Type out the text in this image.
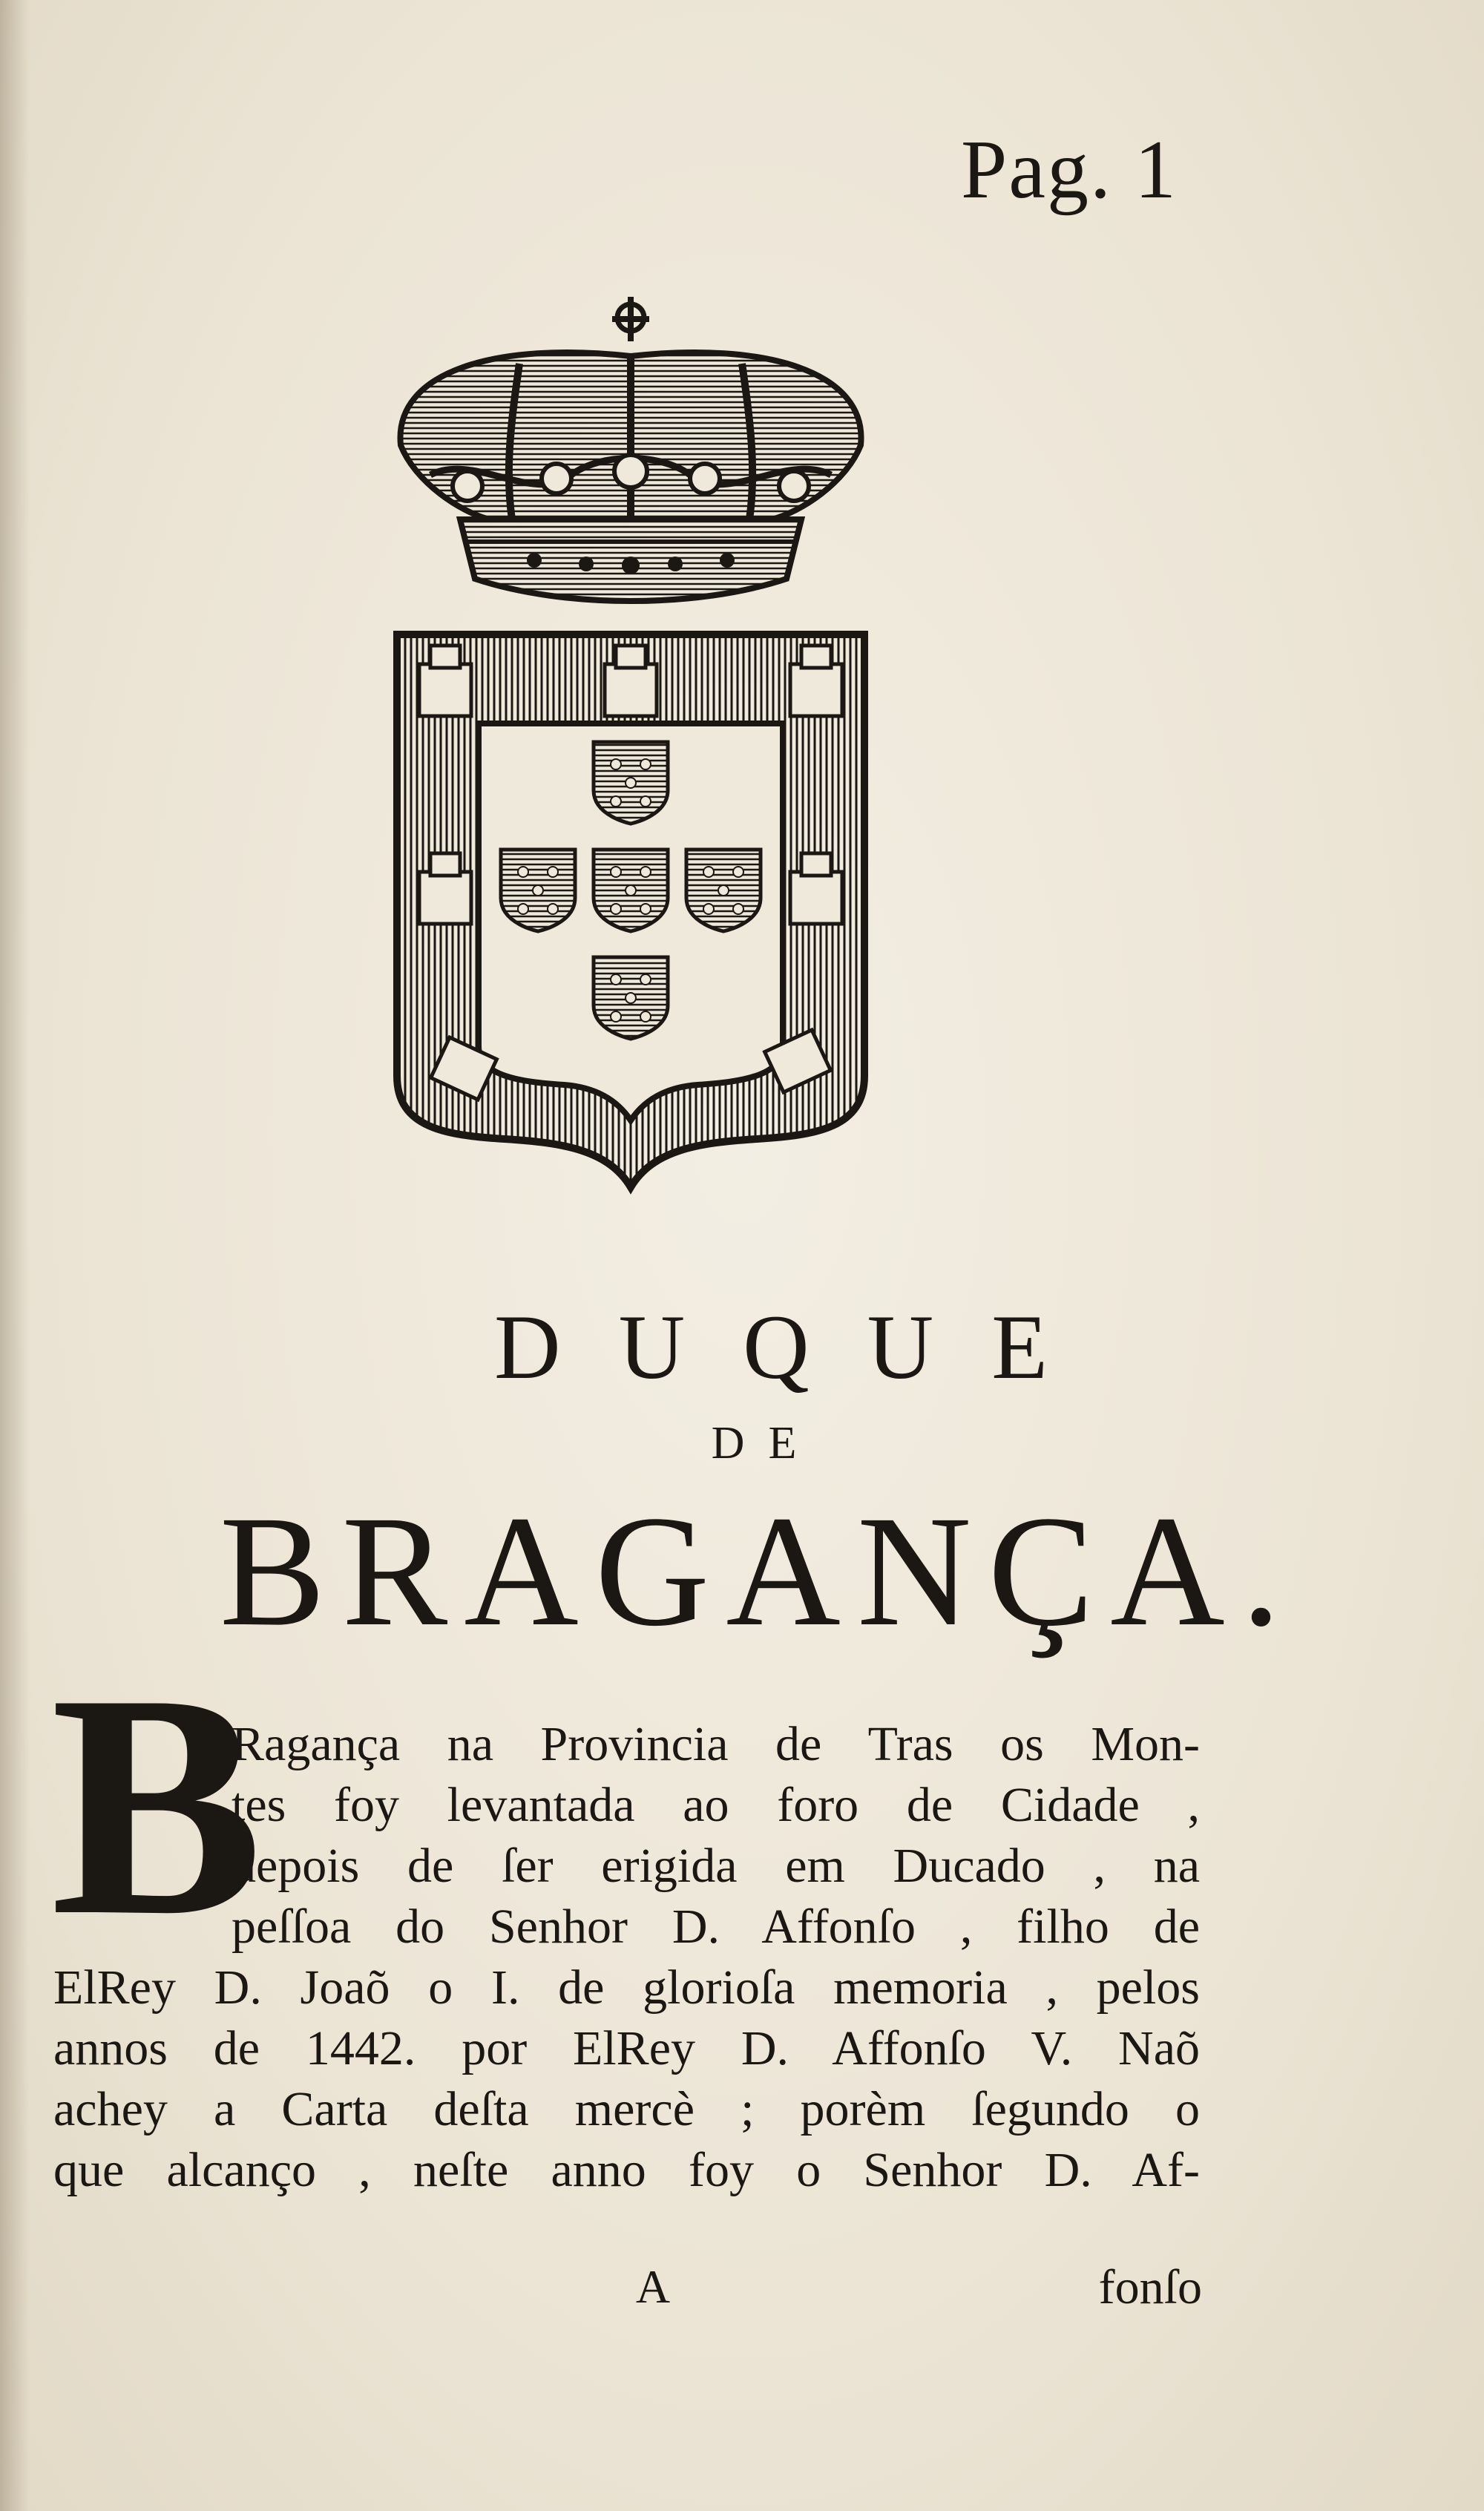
Pag. 1
DUQUE
DE
BRAGANÇA.
B
Ragança na Provincia de Tras os Mon-
tes foy levantada ao foro de Cidade ,
depois de ſer erigida em Ducado , na
peſſoa do Senhor D. Affonſo , filho de
ElRey D. Joaõ o I. de glorioſa memoria , pelos
annos de 1442. por ElRey D. Affonſo V. Naõ
achey a Carta deſta mercè ; porèm ſegundo o
que alcanço , neſte anno foy o Senhor D. Af-
A	fonſo
